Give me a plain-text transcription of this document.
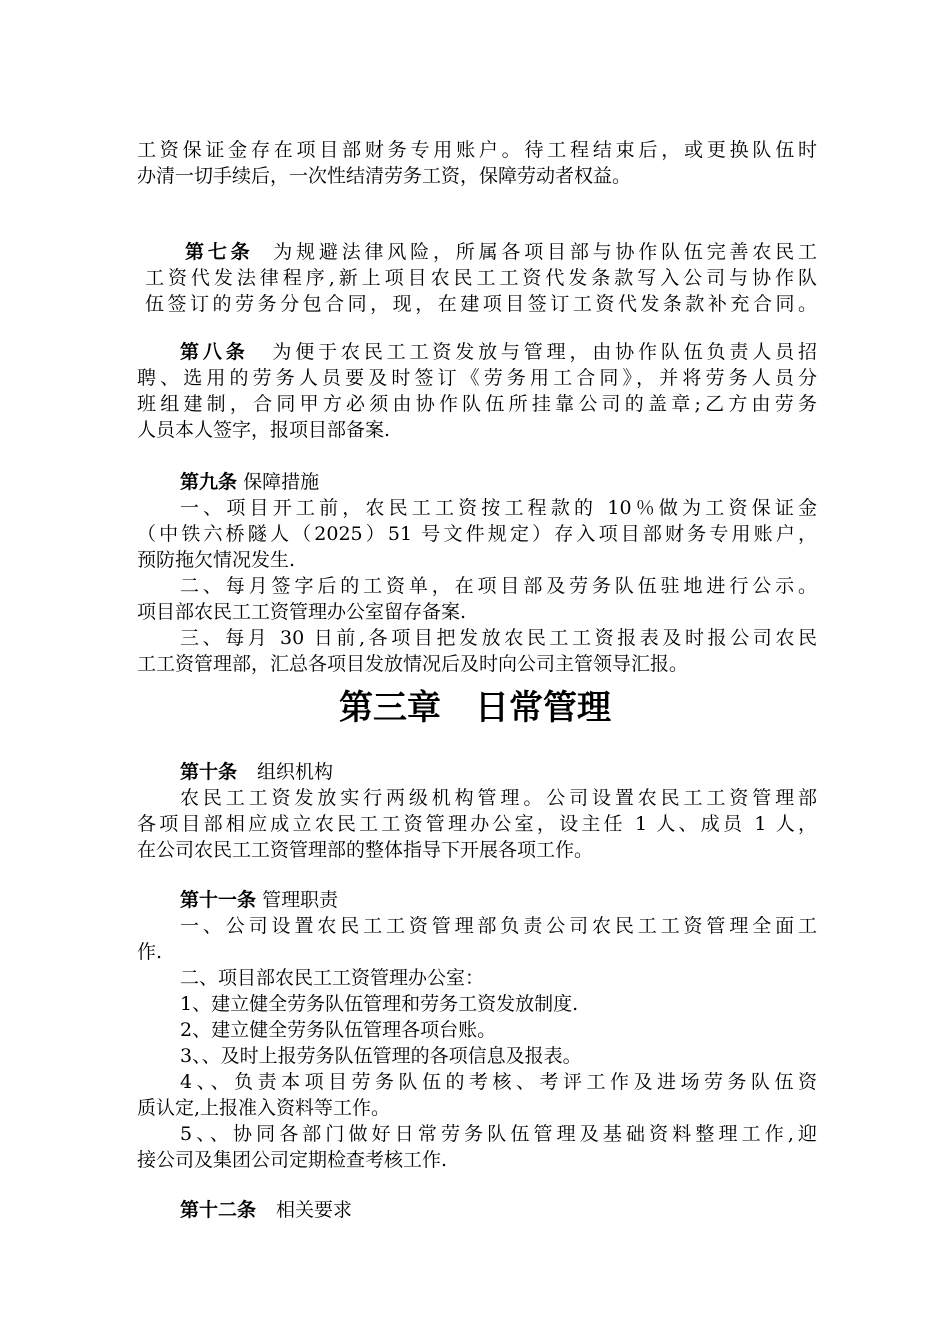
工资保证金存在项目部财务专用账户。待工程结束后，或更换队伍时
办清一切手续后，一次性结清劳务工资，保障劳动者权益。
第七条 为规避法律风险，所属各项目部与协作队伍完善农民工
工资代发法律程序,新上项目农民工工资代发条款写入公司与协作队
伍签订的劳务分包合同，现，在建项目签订工资代发条款补充合同。
第八条 为便于农民工工资发放与管理，由协作队伍负责人员招
聘、选用的劳务人员要及时签订《劳务用工合同》，并将劳务人员分
班组建制，合同甲方必须由协作队伍所挂靠公司的盖章;乙方由劳务
人员本人签字，报项目部备案.
第九条 保障措施
一、项目开工前，农民工工资按工程款的 10％做为工资保证金
（中铁六桥隧人（2025）51 号文件规定）存入项目部财务专用账户，
预防拖欠情况发生.
二、每月签字后的工资单，在项目部及劳务队伍驻地进行公示。
项目部农民工工资管理办公室留存备案.
三、每月 30 日前,各项目把发放农民工工资报表及时报公司农民
工工资管理部，汇总各项目发放情况后及时向公司主管领导汇报。
第三章　日常管理
第十条 组织机构
农民工工资发放实行两级机构管理。公司设置农民工工资管理部
各项目部相应成立农民工工资管理办公室，设主任 1 人、成员 1 人，
在公司农民工工资管理部的整体指导下开展各项工作。
第十一条 管理职责
一、公司设置农民工工资管理部负责公司农民工工资管理全面工
作.
二、项目部农民工工资管理办公室：
1、建立健全劳务队伍管理和劳务工资发放制度.
2、建立健全劳务队伍管理各项台账。
3、、及时上报劳务队伍管理的各项信息及报表。
4、、负责本项目劳务队伍的考核、考评工作及进场劳务队伍资
质认定,上报准入资料等工作。
5、、协同各部门做好日常劳务队伍管理及基础资料整理工作,迎
接公司及集团公司定期检查考核工作.
第十二条 相关要求
